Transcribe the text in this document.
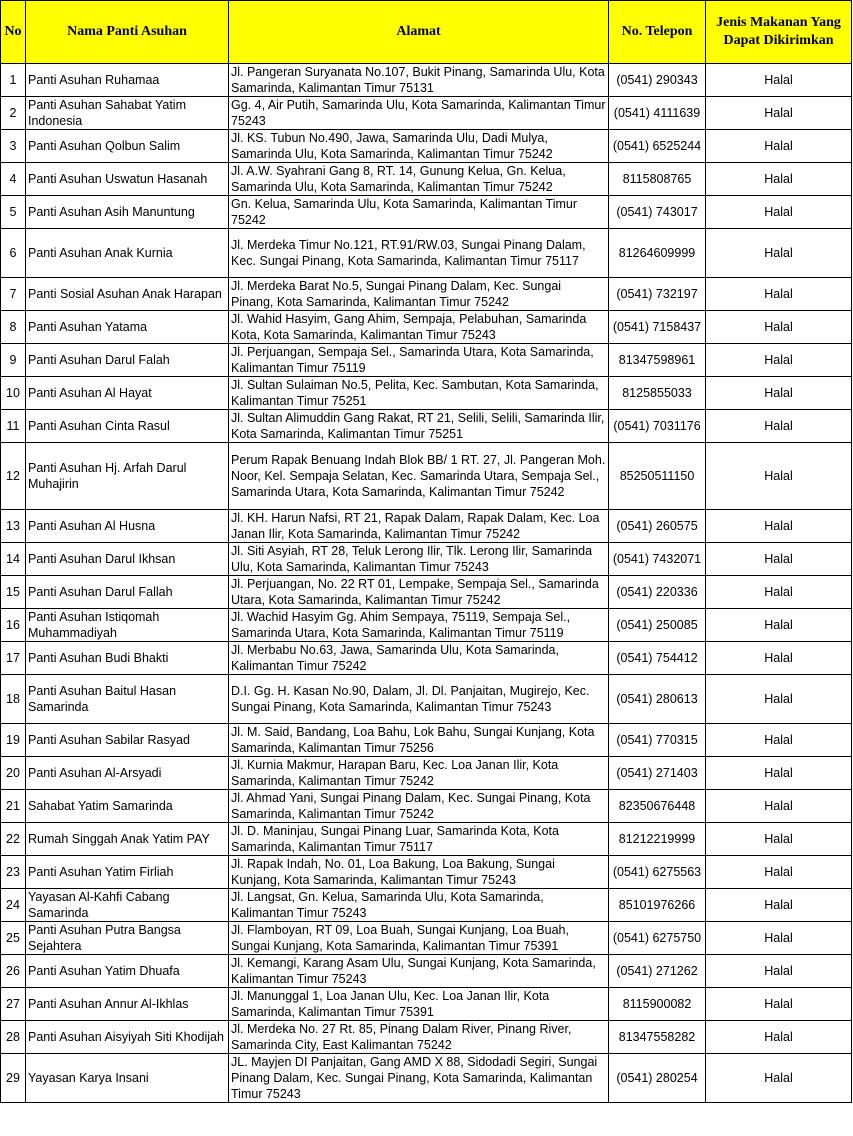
No	Nama Panti Asuhan	Alamat	No. Telepon	Jenis Makanan Yang Dapat Dikirimkan
1	Panti Asuhan Ruhamaa	Jl. Pangeran Suryanata No.107, Bukit Pinang, Samarinda Ulu, Kota Samarinda, Kalimantan Timur 75131	(0541) 290343	Halal
2	Panti Asuhan Sahabat Yatim Indonesia	Gg. 4, Air Putih, Samarinda Ulu, Kota Samarinda, Kalimantan Timur 75243	(0541) 4111639	Halal
3	Panti Asuhan Qolbun Salim	Jl. KS. Tubun No.490, Jawa, Samarinda Ulu, Dadi Mulya, Samarinda Ulu, Kota Samarinda, Kalimantan Timur 75242	(0541) 6525244	Halal
4	Panti Asuhan Uswatun Hasanah	Jl. A.W. Syahrani Gang 8, RT. 14, Gunung Kelua, Gn. Kelua, Samarinda Ulu, Kota Samarinda, Kalimantan Timur 75242	8115808765	Halal
5	Panti Asuhan Asih Manuntung	Gn. Kelua, Samarinda Ulu, Kota Samarinda, Kalimantan Timur 75242	(0541) 743017	Halal
6	Panti Asuhan Anak Kurnia	Jl. Merdeka Timur No.121, RT.91/RW.03, Sungai Pinang Dalam, Kec. Sungai Pinang, Kota Samarinda, Kalimantan Timur 75117	81264609999	Halal
7	Panti Sosial Asuhan Anak Harapan	Jl. Merdeka Barat No.5, Sungai Pinang Dalam, Kec. Sungai Pinang, Kota Samarinda, Kalimantan Timur 75242	(0541) 732197	Halal
8	Panti Asuhan Yatama	Jl. Wahid Hasyim, Gang Ahim, Sempaja, Pelabuhan, Samarinda Kota, Kota Samarinda, Kalimantan Timur 75243	(0541) 7158437	Halal
9	Panti Asuhan Darul Falah	Jl. Perjuangan, Sempaja Sel., Samarinda Utara, Kota Samarinda, Kalimantan Timur 75119	81347598961	Halal
10	Panti Asuhan Al Hayat	Jl. Sultan Sulaiman No.5, Pelita, Kec. Sambutan, Kota Samarinda, Kalimantan Timur 75251	8125855033	Halal
11	Panti Asuhan Cinta Rasul	Jl. Sultan Alimuddin Gang Rakat, RT 21, Selili, Selili, Samarinda Ilir, Kota Samarinda, Kalimantan Timur 75251	(0541) 7031176	Halal
12	Panti Asuhan Hj. Arfah Darul Muhajirin	Perum Rapak Benuang Indah Blok BB/ 1 RT. 27, Jl. Pangeran Moh. Noor, Kel. Sempaja Selatan, Kec. Samarinda Utara, Sempaja Sel., Samarinda Utara, Kota Samarinda, Kalimantan Timur 75242	85250511150	Halal
13	Panti Asuhan Al Husna	Jl. KH. Harun Nafsi, RT 21, Rapak Dalam, Rapak Dalam, Kec. Loa Janan Ilir, Kota Samarinda, Kalimantan Timur 75242	(0541) 260575	Halal
14	Panti Asuhan Darul Ikhsan	Jl. Siti Asyiah, RT 28, Teluk Lerong Ilir, Tlk. Lerong Ilir, Samarinda Ulu, Kota Samarinda, Kalimantan Timur 75243	(0541) 7432071	Halal
15	Panti Asuhan Darul Fallah	Jl. Perjuangan, No. 22 RT 01, Lempake, Sempaja Sel., Samarinda Utara, Kota Samarinda, Kalimantan Timur 75242	(0541) 220336	Halal
16	Panti Asuhan Istiqomah Muhammadiyah	Jl. Wachid Hasyim Gg. Ahim Sempaya, 75119, Sempaja Sel., Samarinda Utara, Kota Samarinda, Kalimantan Timur 75119	(0541) 250085	Halal
17	Panti Asuhan Budi Bhakti	Jl. Merbabu No.63, Jawa, Samarinda Ulu, Kota Samarinda, Kalimantan Timur 75242	(0541) 754412	Halal
18	Panti Asuhan Baitul Hasan Samarinda	D.I. Gg. H. Kasan No.90, Dalam, Jl. Dl. Panjaitan, Mugirejo, Kec. Sungai Pinang, Kota Samarinda, Kalimantan Timur 75243	(0541) 280613	Halal
19	Panti Asuhan Sabilar Rasyad	Jl. M. Said, Bandang, Loa Bahu, Lok Bahu, Sungai Kunjang, Kota Samarinda, Kalimantan Timur 75256	(0541) 770315	Halal
20	Panti Asuhan Al-Arsyadi	Jl. Kurnia Makmur, Harapan Baru, Kec. Loa Janan Ilir, Kota Samarinda, Kalimantan Timur 75242	(0541) 271403	Halal
21	Sahabat Yatim Samarinda	Jl. Ahmad Yani, Sungai Pinang Dalam, Kec. Sungai Pinang, Kota Samarinda, Kalimantan Timur 75242	82350676448	Halal
22	Rumah Singgah Anak Yatim PAY	Jl. D. Maninjau, Sungai Pinang Luar, Samarinda Kota, Kota Samarinda, Kalimantan Timur 75117	81212219999	Halal
23	Panti Asuhan Yatim Firliah	Jl. Rapak Indah, No. 01, Loa Bakung, Loa Bakung, Sungai Kunjang, Kota Samarinda, Kalimantan Timur 75243	(0541) 6275563	Halal
24	Yayasan Al-Kahfi Cabang Samarinda	Jl. Langsat, Gn. Kelua, Samarinda Ulu, Kota Samarinda, Kalimantan Timur 75243	85101976266	Halal
25	Panti Asuhan Putra Bangsa Sejahtera	Jl. Flamboyan, RT 09, Loa Buah, Sungai Kunjang, Loa Buah, Sungai Kunjang, Kota Samarinda, Kalimantan Timur 75391	(0541) 6275750	Halal
26	Panti Asuhan Yatim Dhuafa	Jl. Kemangi, Karang Asam Ulu, Sungai Kunjang, Kota Samarinda, Kalimantan Timur 75243	(0541) 271262	Halal
27	Panti Asuhan Annur Al-Ikhlas	Jl. Manunggal 1, Loa Janan Ulu, Kec. Loa Janan Ilir, Kota Samarinda, Kalimantan Timur 75391	8115900082	Halal
28	Panti Asuhan Aisyiyah Siti Khodijah	Jl. Merdeka No. 27 Rt. 85, Pinang Dalam River, Pinang River, Samarinda City, East Kalimantan 75242	81347558282	Halal
29	Yayasan Karya Insani	JL. Mayjen DI Panjaitan, Gang AMD X 88, Sidodadi Segiri, Sungai Pinang Dalam, Kec. Sungai Pinang, Kota Samarinda, Kalimantan Timur 75243	(0541) 280254	Halal
